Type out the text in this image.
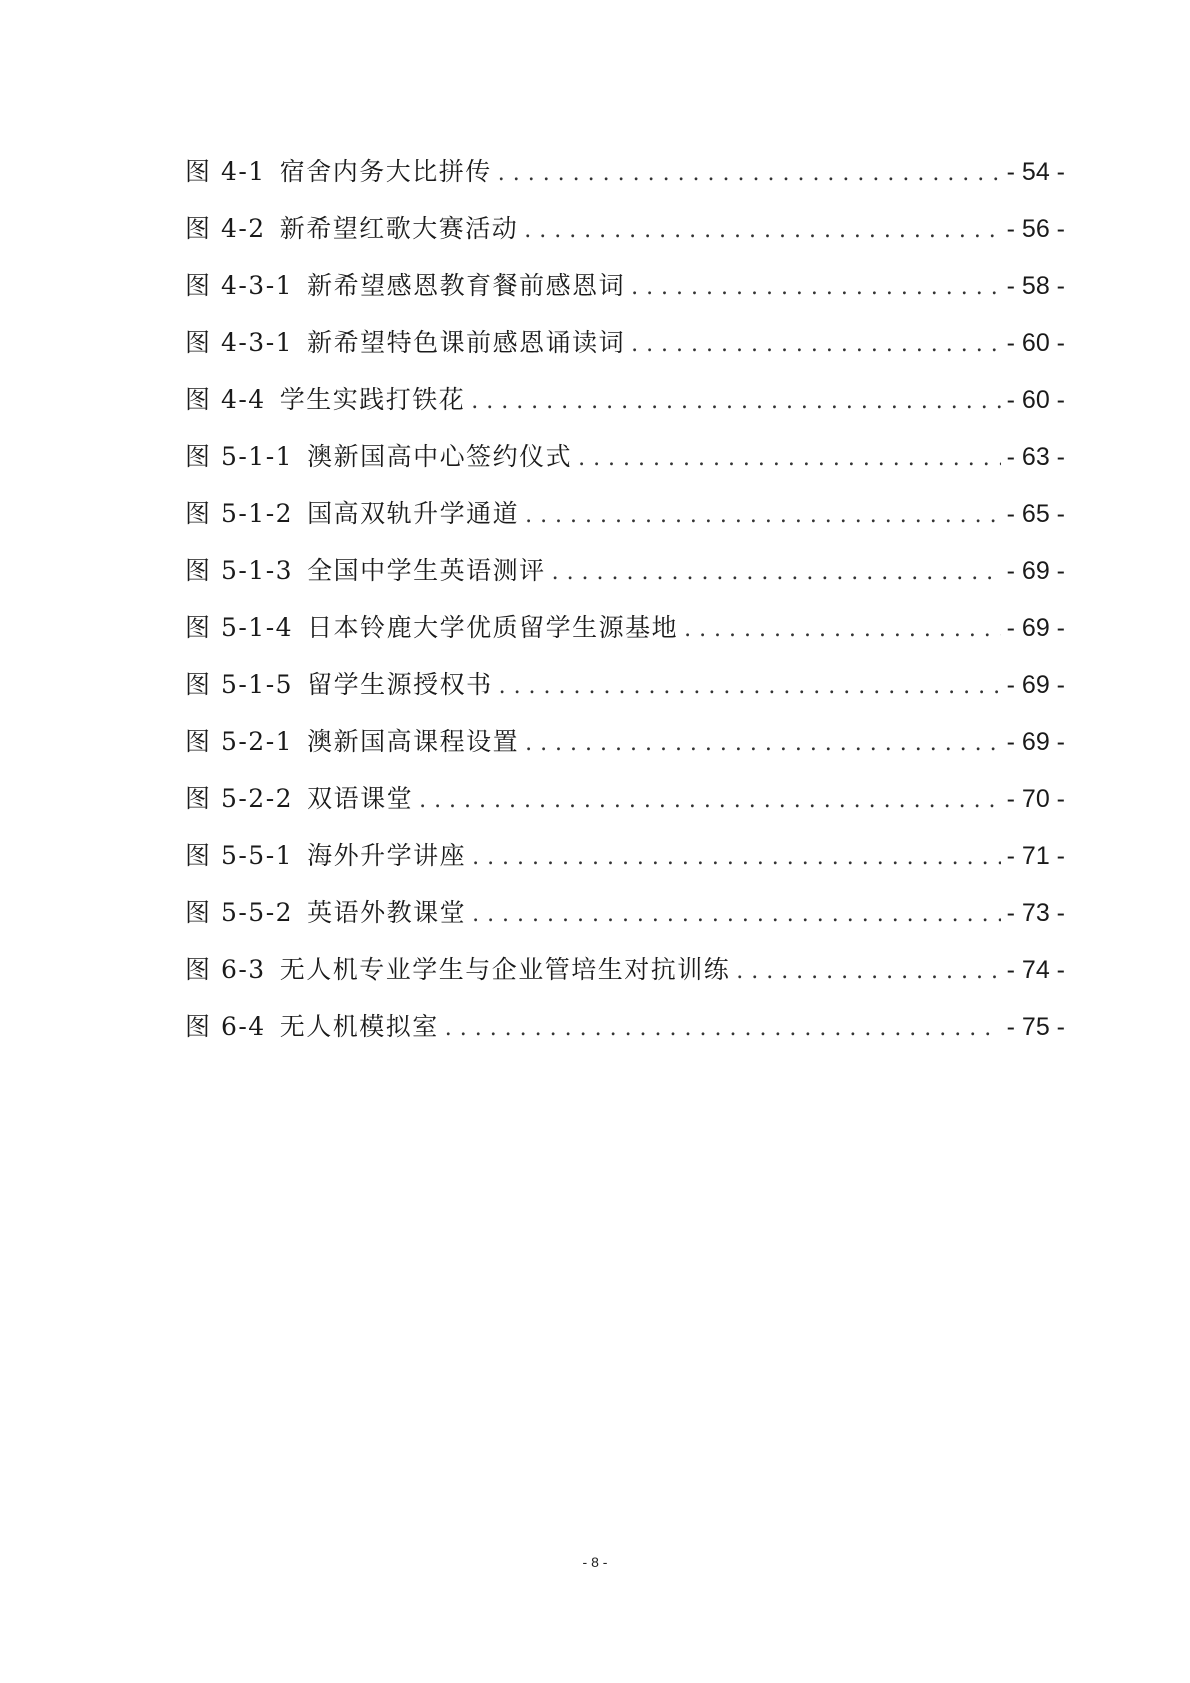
图 4-1 宿舍内务大比拼传 . . .	- 54 -
图 4-2 新希望红歌大赛活动 . . .	- 56 -
图 4-3-1 新希望感恩教育餐前感恩词 . . .	- 58 -
图 4-3-1 新希望特色课前感恩诵读词 . . .	- 60 -
图 4-4 学生实践打铁花 . . .	- 60 -
图 5-1-1 澳新国高中心签约仪式 . . .	- 63 -
图 5-1-2 国高双轨升学通道 . . .	- 65 -
图 5-1-3 全国中学生英语测评 . . .	- 69 -
图 5-1-4 日本铃鹿大学优质留学生源基地 . . .	- 69 -
图 5-1-5 留学生源授权书 . . .	- 69 -
图 5-2-1 澳新国高课程设置 . . .	- 69 -
图 5-2-2 双语课堂 . . .	- 70 -
图 5-5-1 海外升学讲座 . . .	- 71 -
图 5-5-2 英语外教课堂 . . .	- 73 -
图 6-3 无人机专业学生与企业管培生对抗训练 . . .	- 74 -
图 6-4 无人机模拟室 . . .	- 75 -
- 8 -
